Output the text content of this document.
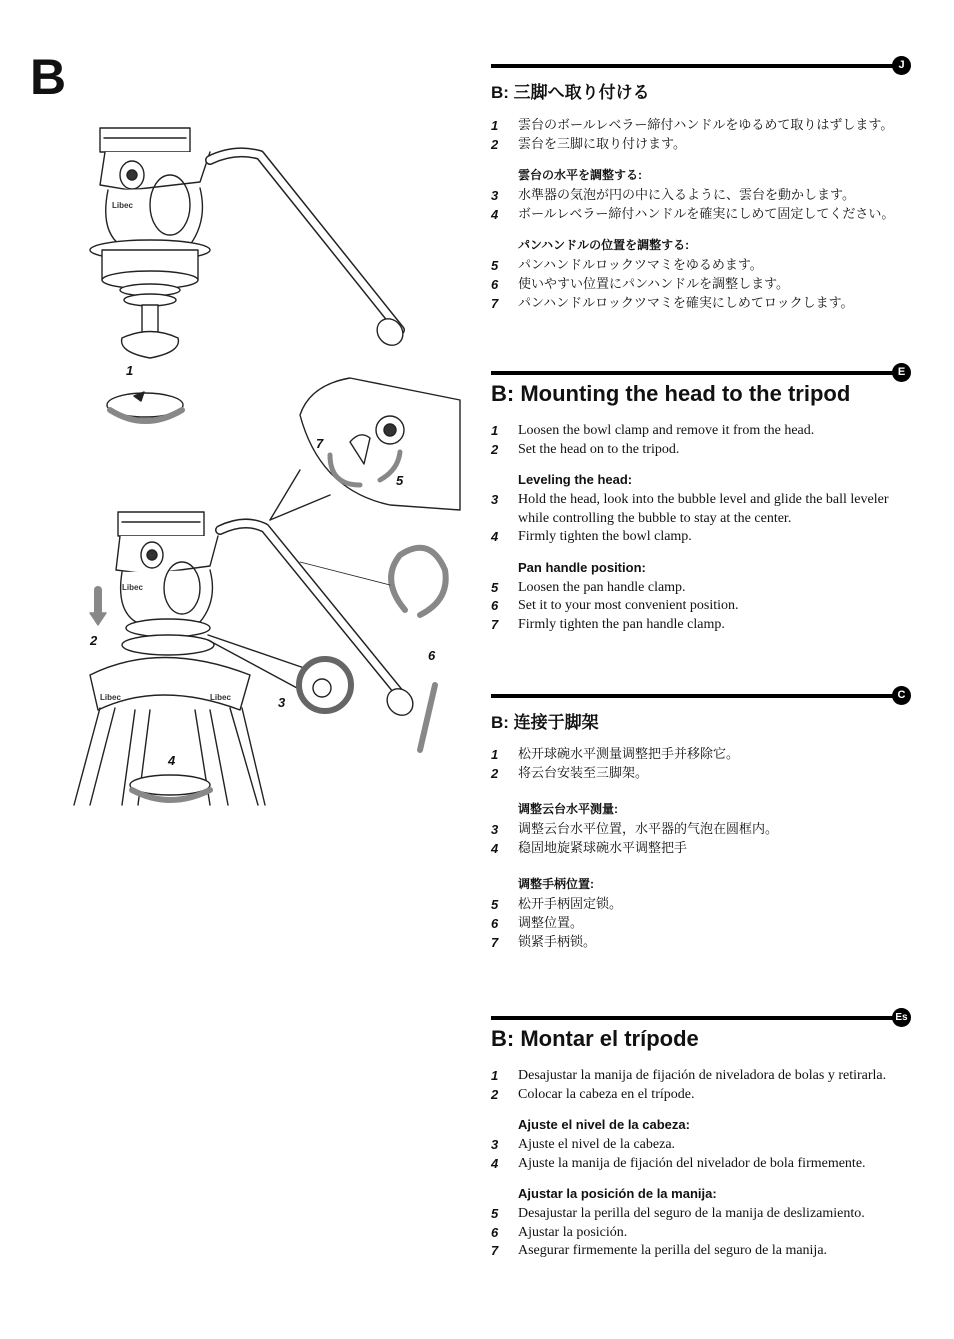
B
1
2
3
4
5
6
7
Libec
Libec
Libec	Libec
J
B: 三脚へ取り付ける
1	雲台のボールレベラー締付ハンドルをゆるめて取りはずします。
2	雲台を三脚に取り付けます。
雲台の水平を調整する:
3	水準器の気泡が円の中に入るように、雲台を動かします。
4	ボールレベラー締付ハンドルを確実にしめて固定してください。
パンハンドルの位置を調整する:
5	パンハンドルロックツマミをゆるめます。
6	使いやすい位置にパンハンドルを調整します。
7	パンハンドルロックツマミを確実にしめてロックします。
E
B: Mounting the head to the tripod
1	Loosen the bowl clamp and remove it from the head.
2	Set the head on to the tripod.
Leveling the head:
3	Hold the head, look into the bubble level and glide the ball leveler while controlling the bubble to stay at the center.
4	Firmly tighten the bowl clamp.
Pan handle position:
5	Loosen the pan handle clamp.
6	Set it to your most convenient position.
7	Firmly tighten the pan handle clamp.
C
B: 连接于脚架
1	松开球碗水平测量调整把手并移除它。
2	将云台安装至三脚架。
调整云台水平测量:
3	调整云台水平位置，水平器的气泡在圆框内。
4	稳固地旋紧球碗水平调整把手
调整手柄位置:
5	松开手柄固定锁。
6	调整位置。
7	锁紧手柄锁。
Es
B: Montar el trípode
1	Desajustar la manija de fijación de niveladora de bolas y retirarla.
2	Colocar la cabeza en el trípode.
Ajuste el nivel de la cabeza:
3	Ajuste el nivel de la cabeza.
4	Ajuste la manija de fijación del nivelador de bola firmemente.
Ajustar la posición de la manija:
5	Desajustar la perilla del seguro de la manija de deslizamiento.
6	Ajustar la posición.
7	Asegurar firmemente la perilla del seguro de la manija.
